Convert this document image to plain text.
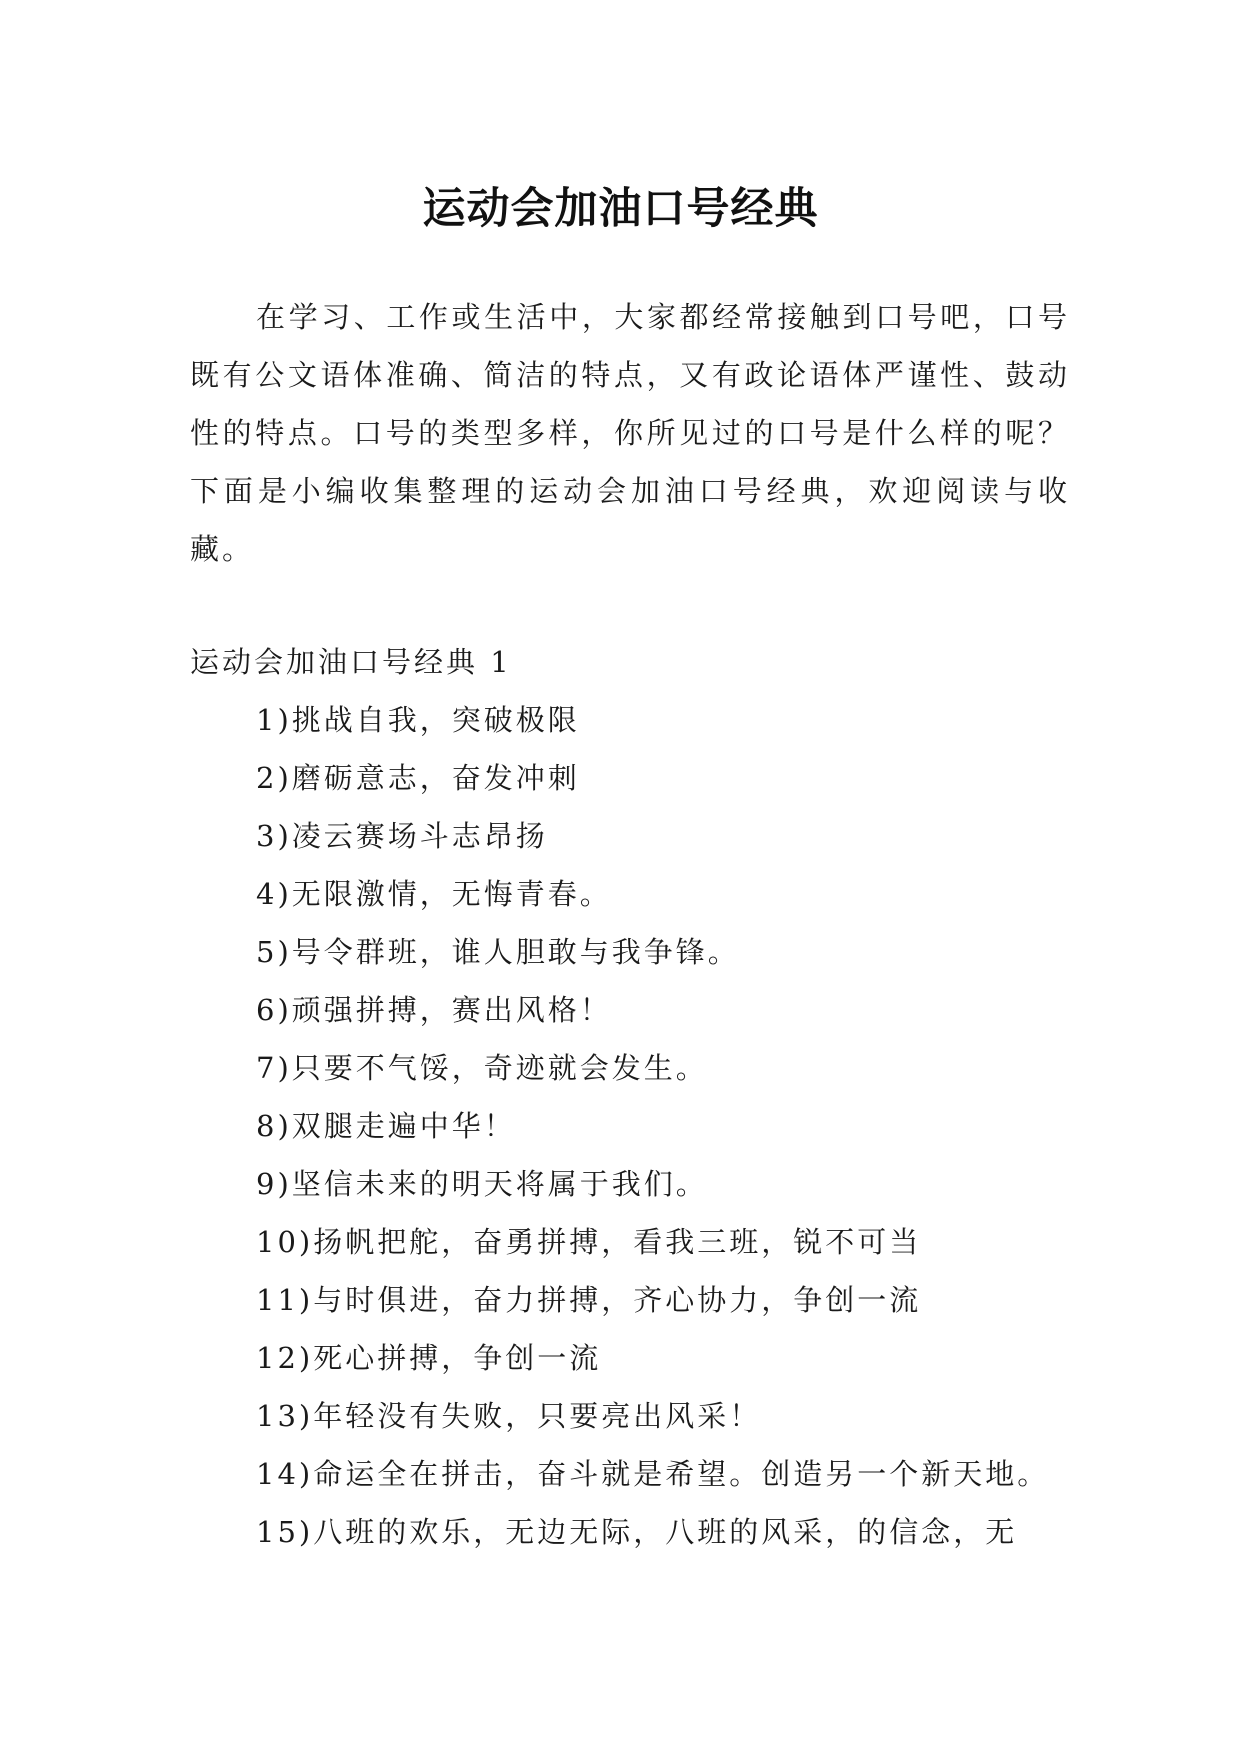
运动会加油口号经典

在学习、工作或生活中，大家都经常接触到口号吧，口号既有公文语体准确、简洁的特点，又有政论语体严谨性、鼓动性的特点。口号的类型多样，你所见过的口号是什么样的呢？下面是小编收集整理的运动会加油口号经典，欢迎阅读与收藏。

运动会加油口号经典 1

1)挑战自我，突破极限
2)磨砺意志，奋发冲刺
3)凌云赛场斗志昂扬
4)无限激情，无悔青春。
5)号令群班，谁人胆敢与我争锋。
6)顽强拼搏，赛出风格！
7)只要不气馁，奇迹就会发生。
8)双腿走遍中华！
9)坚信未来的明天将属于我们。
10)扬帆把舵，奋勇拼搏，看我三班，锐不可当
11)与时俱进，奋力拼搏，齐心协力，争创一流
12)死心拼搏，争创一流
13)年轻没有失败，只要亮出风采！
14)命运全在拼击，奋斗就是希望。创造另一个新天地。
15)八班的欢乐，无边无际，八班的风采，的信念，无
